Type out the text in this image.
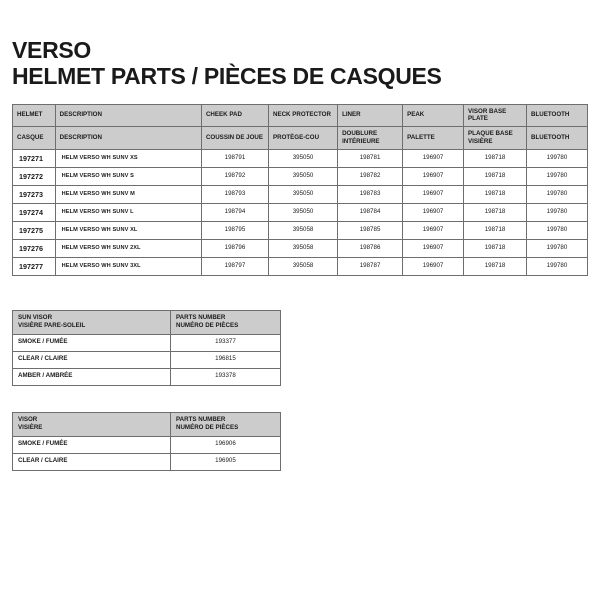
VERSO
HELMET PARTS / PIÈCES DE CASQUES
HELMET	DESCRIPTION	CHEEK PAD	NECK PROTECTOR	LINER	PEAK	VISOR BASE PLATE	BLUETOOTH
CASQUE	DESCRIPTION	COUSSIN DE JOUE	PROTÈGE-COU	DOUBLURE INTÉRIEURE	PALETTE	PLAQUE BASE VISIÈRE	BLUETOOTH
197271	HELM VERSO WH SUNV XS	198791	395050	198781	196907	198718	199780
197272	HELM VERSO WH SUNV S	198792	395050	198782	196907	198718	199780
197273	HELM VERSO WH SUNV M	198793	395050	198783	196907	198718	199780
197274	HELM VERSO WH SUNV L	198794	395050	198784	196907	198718	199780
197275	HELM VERSO WH SUNV XL	198795	395058	198785	196907	198718	199780
197276	HELM VERSO WH SUNV 2XL	198796	395058	198786	196907	198718	199780
197277	HELM VERSO WH SUNV 3XL	198797	395058	198787	196907	198718	199780
SUN VISOR
VISIÈRE PARE-SOLEIL	PARTS NUMBER
NUMÉRO DE PIÈCES

SMOKE / FUMÉE	193377
CLEAR / CLAIRE	196815
AMBER / AMBRÉE	193378
VISOR
VISIÈRE	PARTS NUMBER
NUMÉRO DE PIÈCES

SMOKE / FUMÉE	196906
CLEAR / CLAIRE	196905
